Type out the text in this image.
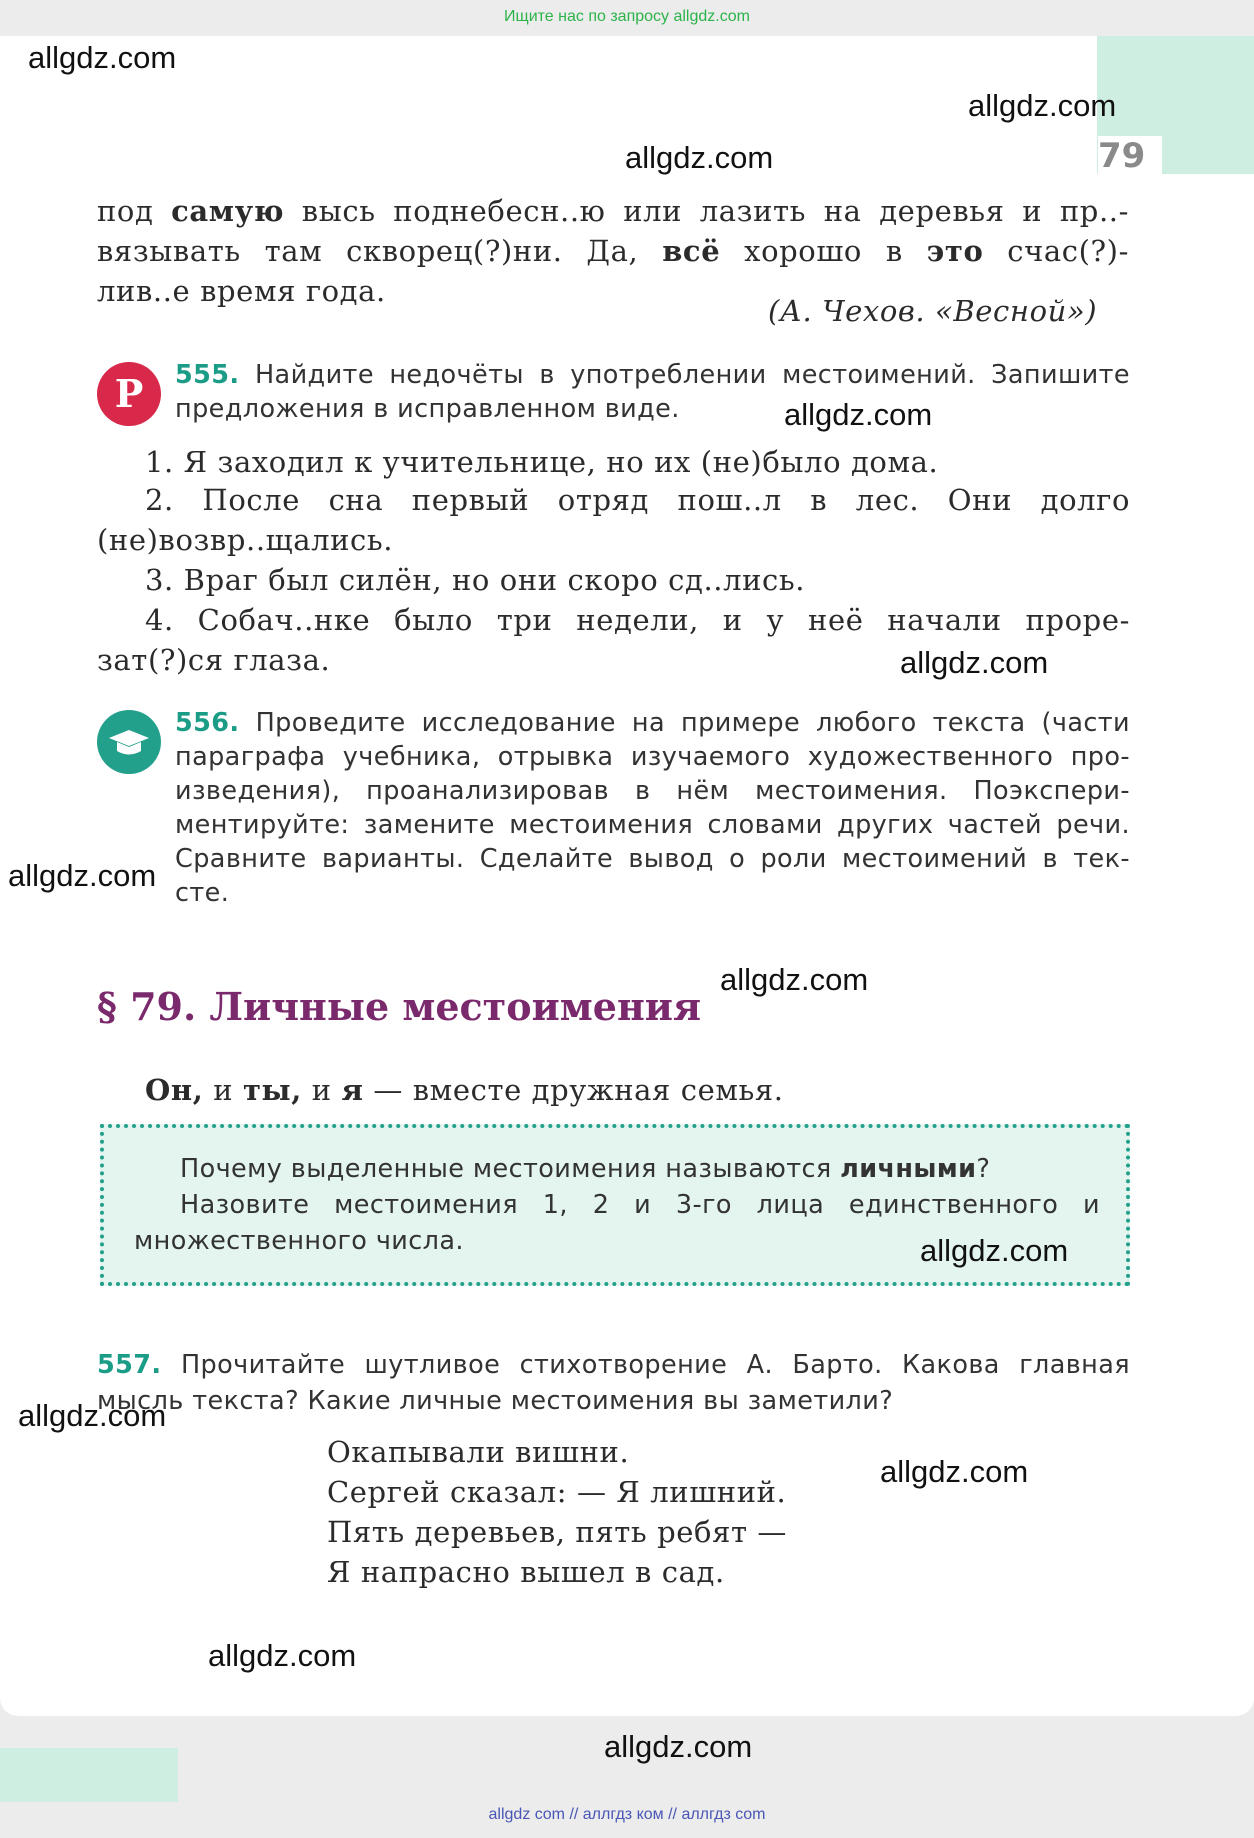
Ищите нас по запросу allgdz.com
79
под самую высь поднебесн..ю или лазить на деревья и пр..-
вязывать там скворец(?)ни. Да, всё хорошо в это счас(?)-
лив..е время года.
(А. Чехов. «Весной»)
Р	555. Найдите недочёты в употреблении местоимений. Запишите
предложения в исправленном виде.
1. Я заходил к учительнице, но их (не)было дома.
2. После сна первый отряд пош..л в лес. Они долго
(не)возвр..щались.
3. Враг был силён, но они скоро сд..лись.
4. Собач..нке было три недели, и у неё начали проре-
зат(?)ся глаза.
556. Проведите исследование на примере любого текста (части
параграфа учебника, отрывка изучаемого художественного про-
изведения), проанализировав в нём местоимения. Поэкспери-
ментируйте: замените местоимения словами других частей речи.
Сравните варианты. Сделайте вывод о роли местоимений в тек-
сте.
§ 79. Личные местоимения
Он, и ты, и я — вместе дружная семья.
Почему выделенные местоимения называются личными?
Назовите местоимения 1, 2 и 3-го лица единственного и
множественного числа.
557. Прочитайте шутливое стихотворение А. Барто. Какова главная
мысль текста? Какие личные местоимения вы заметили?
Окапывали вишни.
Сергей сказал: — Я лишний.
Пять деревьев, пять ребят —
Я напрасно вышел в сад.
allgdz.com
allgdz.com
allgdz.com
allgdz.com
allgdz.com
allgdz.com
allgdz.com
allgdz.com
allgdz.com
allgdz.com
allgdz.com
allgdz.com
allgdz com // аллгдз ком // аллгдз com
